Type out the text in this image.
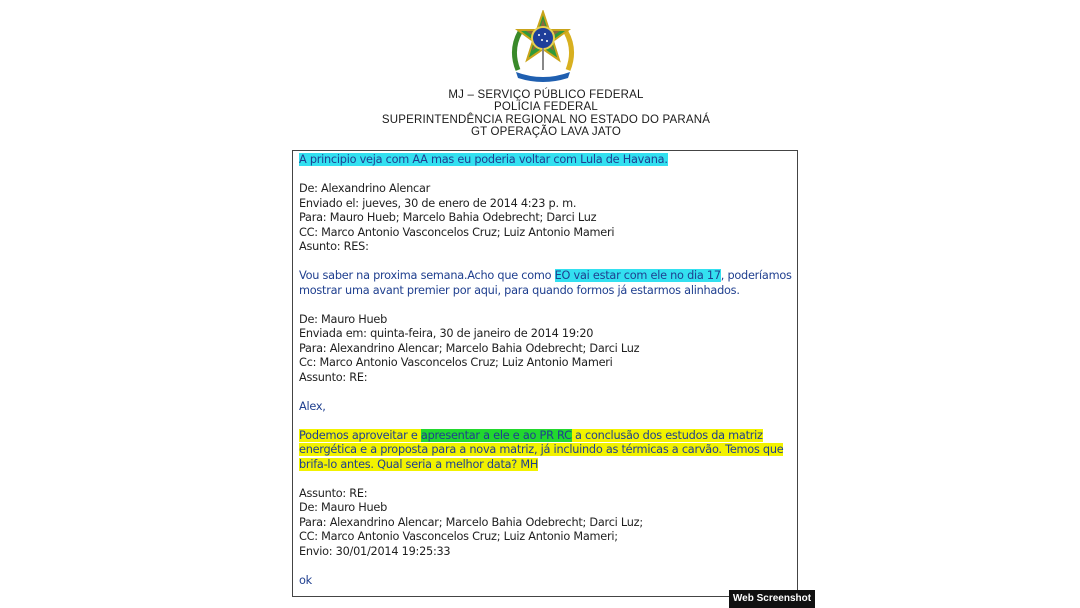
MJ – SERVIÇO PÚBLICO FEDERAL
POLÍCIA FEDERAL
SUPERINTENDÊNCIA REGIONAL NO ESTADO DO PARANÁ
GT OPERAÇÃO LAVA JATO
A principio veja com AA mas eu poderia voltar com Lula de Havana.
De: Alexandrino Alencar
Enviado el: jueves, 30 de enero de 2014 4:23 p. m.
Para: Mauro Hueb; Marcelo Bahia Odebrecht; Darci Luz
CC: Marco Antonio Vasconcelos Cruz; Luiz Antonio Mameri
Asunto: RES:
Vou saber na proxima semana.Acho que como EO vai estar com ele no dia 17, poderíamos
mostrar uma avant premier por aqui, para quando formos já estarmos alinhados.
De: Mauro Hueb
Enviada em: quinta-feira, 30 de janeiro de 2014 19:20
Para: Alexandrino Alencar; Marcelo Bahia Odebrecht; Darci Luz
Cc: Marco Antonio Vasconcelos Cruz; Luiz Antonio Mameri
Assunto: RE:
Alex,
Podemos aproveitar e apresentar a ele e ao PR RC a conclusão dos estudos da matriz
energética e a proposta para a nova matriz, já incluindo as térmicas a carvão. Temos que
brifa-lo antes. Qual seria a melhor data? MH
Assunto: RE:
De: Mauro Hueb
Para: Alexandrino Alencar; Marcelo Bahia Odebrecht; Darci Luz;
CC: Marco Antonio Vasconcelos Cruz; Luiz Antonio Mameri;
Envio: 30/01/2014 19:25:33
ok
Web Screenshot
